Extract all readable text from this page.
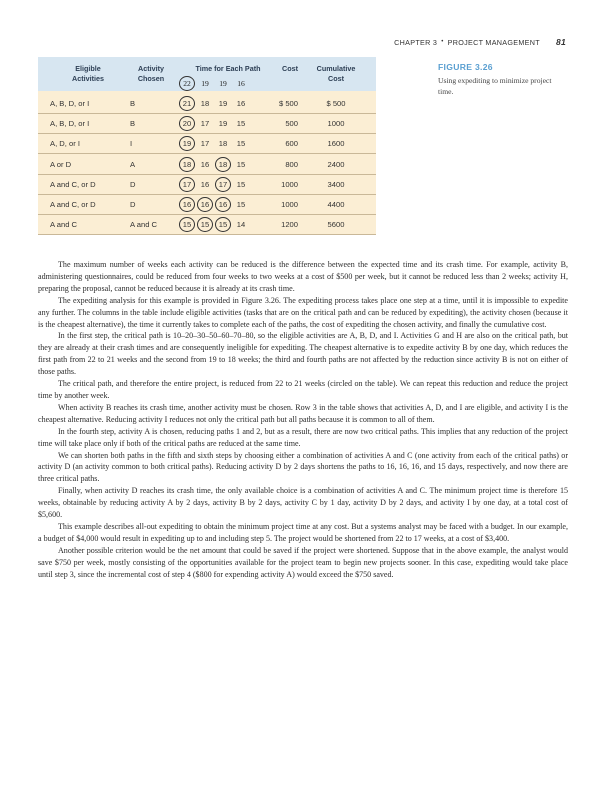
CHAPTER 3 • PROJECT MANAGEMENT 81
Eligible
Activities
Activity
Chosen
Time for Each Path	Cost	Cumulative
Cost
22	19	19	16
A, B, D, or I	B	21	18	19	16	$ 500	$ 500
A, B, D, or I	B	20	17	19	15	500	1000
A, D, or I	I	19	17	18	15	600	1600
A or D	A	18	16	18	15	800	2400
A and C, or D	D	17	16	17	15	1000	3400
A and C, or D	D	16	16	16	15	1000	4400
A and C	A and C	15	15	15	14	1200	5600
FIGURE 3.26
Using expediting to minimize project time.

The maximum number of weeks each activity can be reduced is the difference between the expected time and its crash time. For example, activity B, administering questionnaires, could be reduced from four weeks to two weeks at a cost of $500 per week, but it cannot be reduced less than 2 weeks; activity H, preparing the proposal, cannot be reduced because it is already at its crash time.

The expediting analysis for this example is provided in Figure 3.26. The expediting process takes place one step at a time, until it is impossible to expedite any further. The columns in the table include eligible activities (tasks that are on the critical path and can be reduced by expediting), the activity chosen (because it is the cheapest alternative), the time it currently takes to complete each of the paths, the cost of expediting the chosen activity, and finally the cumulative cost.

In the first step, the critical path is 10–20–30–50–60–70–80, so the eligible activities are A, B, D, and I. Activities G and H are also on the critical path, but they are already at their crash times and are consequently ineligible for expediting. The cheapest alternative is to expedite activity B by one day, which reduces the first path from 22 to 21 weeks and the second from 19 to 18 weeks; the third and fourth paths are not affected by the reduction since activity B is not on either of those paths.

The critical path, and therefore the entire project, is reduced from 22 to 21 weeks (circled on the table). We can repeat this reduction and reduce the project time by another week.

When activity B reaches its crash time, another activity must be chosen. Row 3 in the table shows that activities A, D, and I are eligible, and activity I is the cheapest alternative. Reducing activity I reduces not only the critical path but all paths because it is common to all of them.

In the fourth step, activity A is chosen, reducing paths 1 and 2, but as a result, there are now two critical paths. This implies that any reduction of the project time will take place only if both of the critical paths are reduced at the same time.

We can shorten both paths in the fifth and sixth steps by choosing either a combination of activities A and C (one activity from each of the critical paths) or activity D (an activity common to both critical paths). Reducing activity D by 2 days shortens the paths to 16, 16, 16, and 15 days, respectively, and now there are three critical paths.

Finally, when activity D reaches its crash time, the only available choice is a combination of activities A and C. The minimum project time is therefore 15 weeks, obtainable by reducing activity A by 2 days, activity B by 2 days, activity C by 1 day, activity D by 2 days, and activity I by one day, at a total cost of $5,600.

This example describes all-out expediting to obtain the minimum project time at any cost. But a systems analyst may be faced with a budget. In our example, a budget of $4,000 would result in expediting up to and including step 5. The project would be shortened from 22 to 17 weeks, at a cost of $3,400.

Another possible criterion would be the net amount that could be saved if the project were shortened. Suppose that in the above example, the analyst would save $750 per week, mostly consisting of the opportunities available for the project team to begin new projects sooner. In this case, expediting would take place until step 3, since the incremental cost of step 4 ($800 for expending activity A) would exceed the $750 saved.
